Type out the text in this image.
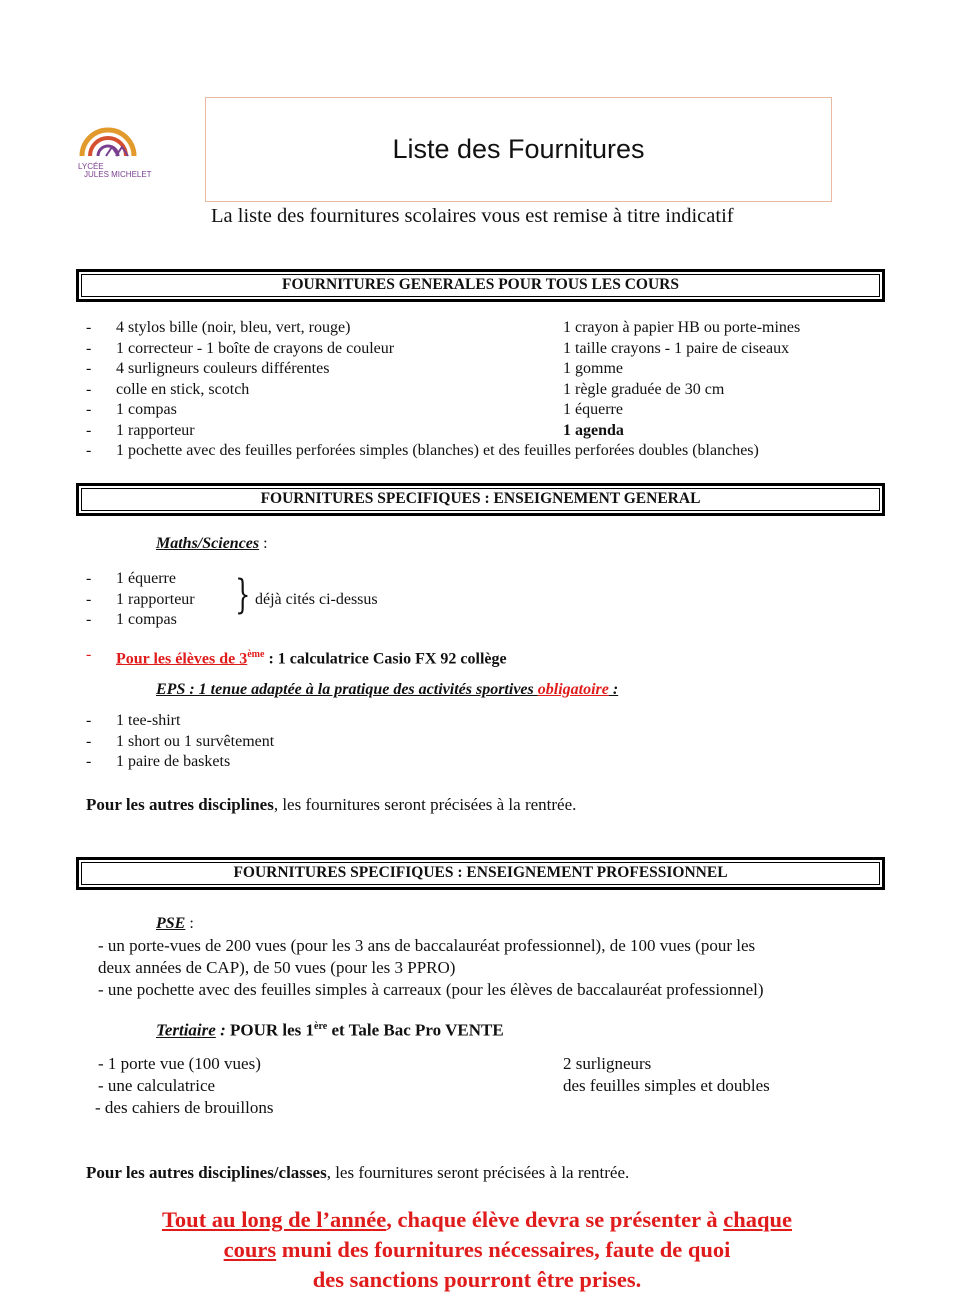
LYCÉE
JULES MICHELET
Liste des Fournitures
La liste des fournitures scolaires vous est remise à titre indicatif
FOURNITURES GENERALES POUR TOUS LES COURS
- 4 stylos bille (noir, bleu, vert, rouge)	1 crayon à papier HB ou porte-mines
- 1 correcteur - 1 boîte de crayons de couleur	1 taille crayons - 1 paire de ciseaux
- 4 surligneurs couleurs différentes	1 gomme
- colle en stick, scotch	1 règle graduée de 30 cm
- 1 compas	1 équerre
- 1 rapporteur	1 agenda
- 1 pochette avec des feuilles perforées simples (blanches) et des feuilles perforées doubles (blanches)
FOURNITURES SPECIFIQUES : ENSEIGNEMENT GENERAL
Maths/Sciences :
- 1 équerre
- 1 rapporteur
- 1 compas
} déjà cités ci-dessus
- Pour les élèves de 3ème : 1 calculatrice Casio FX 92 collège
EPS : 1 tenue adaptée à la pratique des activités sportives obligatoire :
- 1 tee-shirt
- 1 short ou 1 survêtement
- 1 paire de baskets
Pour les autres disciplines, les fournitures seront précisées à la rentrée.
FOURNITURES SPECIFIQUES : ENSEIGNEMENT PROFESSIONNEL
PSE :
- un porte-vues de 200 vues (pour les 3 ans de baccalauréat professionnel), de 100 vues (pour les
deux années de CAP), de 50 vues (pour les 3 PPRO)
- une pochette avec des feuilles simples à carreaux (pour les élèves de baccalauréat professionnel)
Tertiaire : POUR les 1ère et Tale Bac Pro VENTE
- 1 porte vue (100 vues)	2 surligneurs
- une calculatrice	des feuilles simples et doubles
- des cahiers de brouillons
Pour les autres disciplines/classes, les fournitures seront précisées à la rentrée.
Tout au long de l’année, chaque élève devra se présenter à chaque
cours muni des fournitures nécessaires, faute de quoi
des sanctions pourront être prises.
